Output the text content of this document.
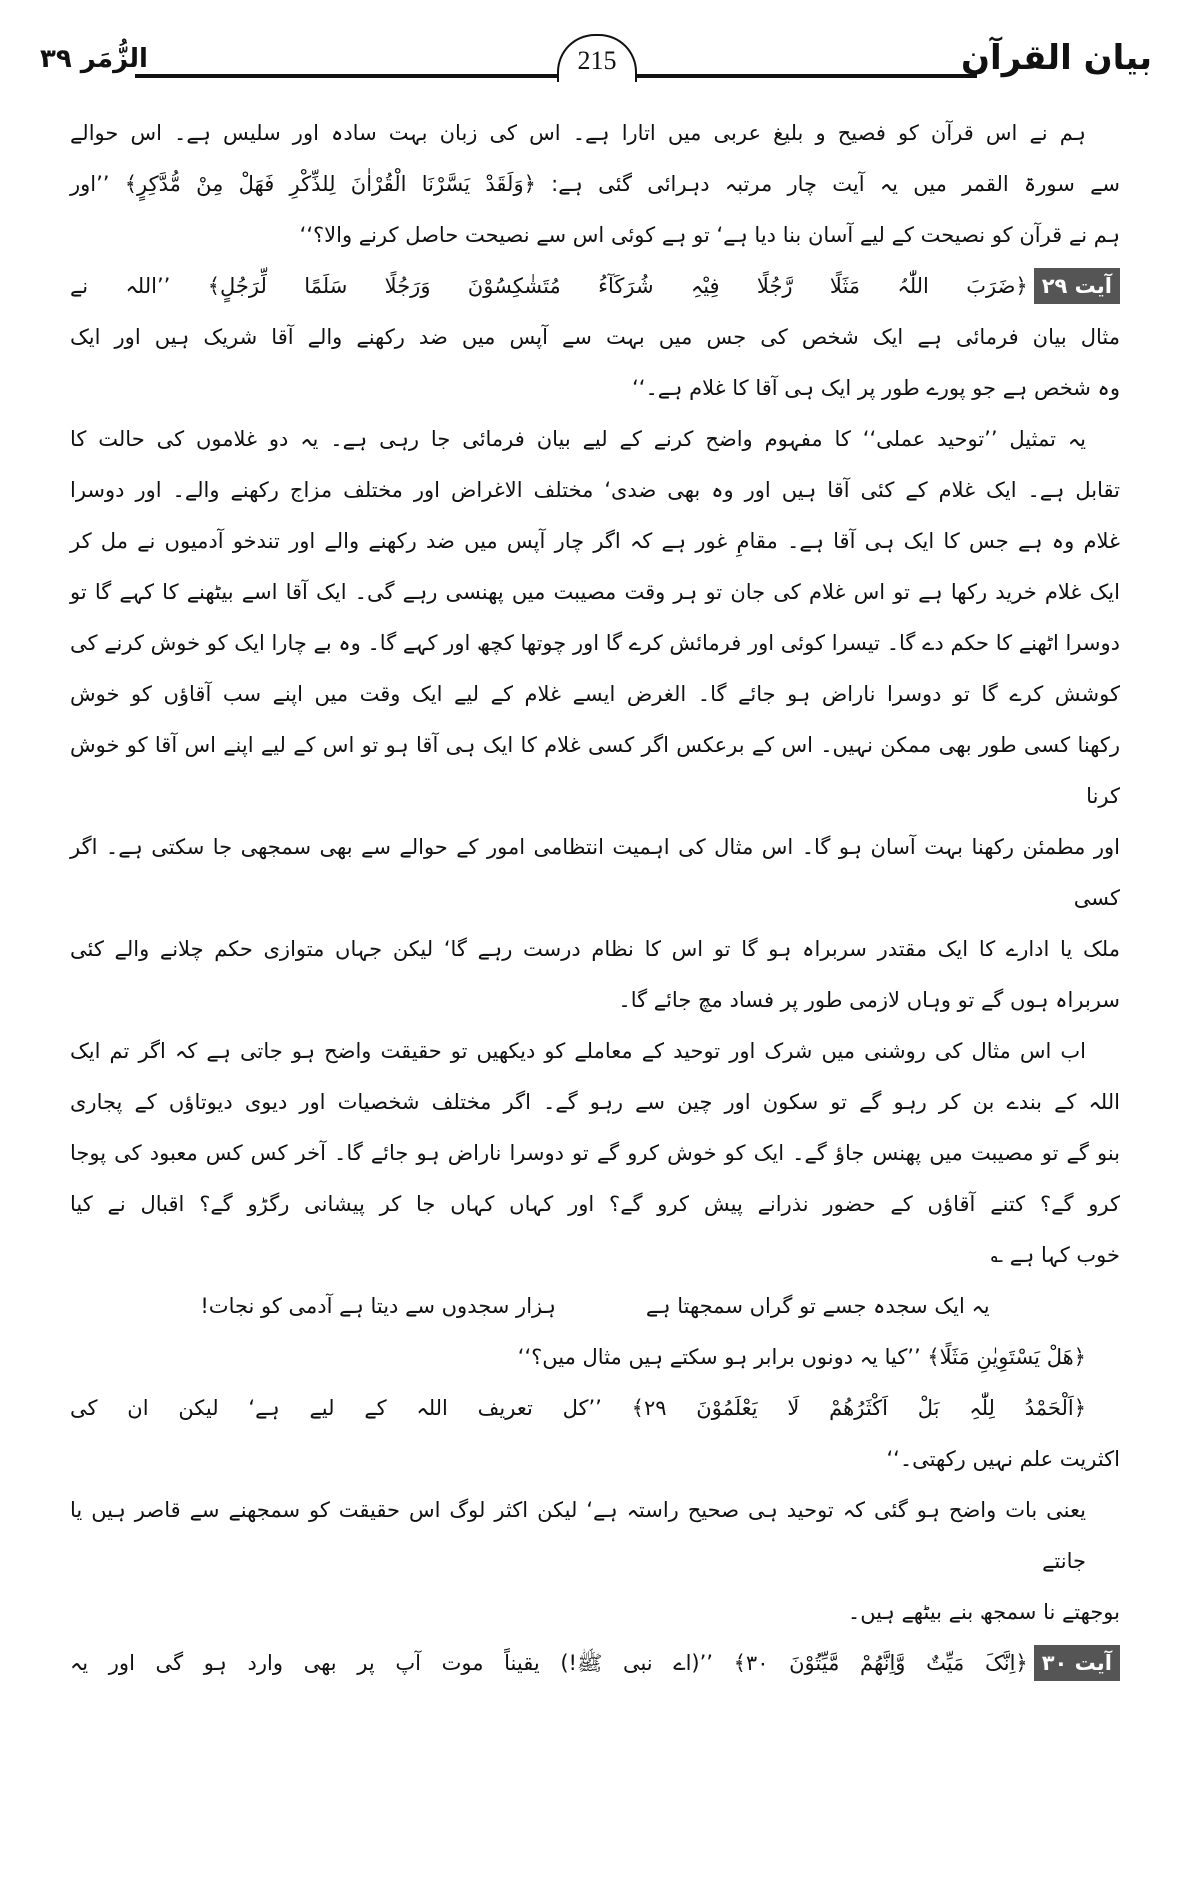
بیان القرآن
215
الزُّمَر ۳۹
ہم نے اس قرآن کو فصیح و بلیغ عربی میں اتارا ہے۔ اس کی زبان بہت سادہ اور سلیس ہے۔ اس حوالے
سے سورۃ القمر میں یہ آیت چار مرتبہ دہرائی گئی ہے: ﴿وَلَقَدْ یَسَّرْنَا الْقُرْاٰنَ لِلذِّکْرِ فَھَلْ مِنْ مُّدَّکِرٍ﴾ ’’اور
ہم نے قرآن کو نصیحت کے لیے آسان بنا دیا ہے‘ تو ہے کوئی اس سے نصیحت حاصل کرنے والا؟‘‘
آیت ۲۹﴿ضَرَبَ اللّٰہُ مَثَلًا رَّجُلًا فِیْہِ شُرَکَآءُ مُتَشٰکِسُوْنَ وَرَجُلًا سَلَمًا لِّرَجُلٍ﴾ ’’اللہ نے
مثال بیان فرمائی ہے ایک شخص کی جس میں بہت سے آپس میں ضد رکھنے والے آقا شریک ہیں اور ایک
وہ شخص ہے جو پورے طور پر ایک ہی آقا کا غلام ہے۔‘‘
یہ تمثیل ’’توحید عملی‘‘ کا مفہوم واضح کرنے کے لیے بیان فرمائی جا رہی ہے۔ یہ دو غلاموں کی حالت کا
تقابل ہے۔ ایک غلام کے کئی آقا ہیں اور وہ بھی ضدی‘ مختلف الاغراض اور مختلف مزاج رکھنے والے۔ اور دوسرا
غلام وہ ہے جس کا ایک ہی آقا ہے۔ مقامِ غور ہے کہ اگر چار آپس میں ضد رکھنے والے اور تندخو آدمیوں نے مل کر
ایک غلام خرید رکھا ہے تو اس غلام کی جان تو ہر وقت مصیبت میں پھنسی رہے گی۔ ایک آقا اسے بیٹھنے کا کہے گا تو
دوسرا اٹھنے کا حکم دے گا۔ تیسرا کوئی اور فرمائش کرے گا اور چوتھا کچھ اور کہے گا۔ وہ بے چارا ایک کو خوش کرنے کی
کوشش کرے گا تو دوسرا ناراض ہو جائے گا۔ الغرض ایسے غلام کے لیے ایک وقت میں اپنے سب آقاؤں کو خوش
رکھنا کسی طور بھی ممکن نہیں۔ اس کے برعکس اگر کسی غلام کا ایک ہی آقا ہو تو اس کے لیے اپنے اس آقا کو خوش کرنا
اور مطمئن رکھنا بہت آسان ہو گا۔ اس مثال کی اہمیت انتظامی امور کے حوالے سے بھی سمجھی جا سکتی ہے۔ اگر کسی
ملک یا ادارے کا ایک مقتدر سربراہ ہو گا تو اس کا نظام درست رہے گا‘ لیکن جہاں متوازی حکم چلانے والے کئی
سربراہ ہوں گے تو وہاں لازمی طور پر فساد مچ جائے گا۔
اب اس مثال کی روشنی میں شرک اور توحید کے معاملے کو دیکھیں تو حقیقت واضح ہو جاتی ہے کہ اگر تم ایک
اللہ کے بندے بن کر رہو گے تو سکون اور چین سے رہو گے۔ اگر مختلف شخصیات اور دیوی دیوتاؤں کے پجاری
بنو گے تو مصیبت میں پھنس جاؤ گے۔ ایک کو خوش کرو گے تو دوسرا ناراض ہو جائے گا۔ آخر کس کس معبود کی پوجا
کرو گے؟ کتنے آقاؤں کے حضور نذرانے پیش کرو گے؟ اور کہاں کہاں جا کر پیشانی رگڑو گے؟ اقبال نے کیا
خوب کہا ہے ؎
یہ ایک سجدہ جسے تو گراں سمجھتا ہے
ہزار سجدوں سے دیتا ہے آدمی کو نجات!
﴿ھَلْ یَسْتَوِیٰنِ مَثَلًا﴾ ’’کیا یہ دونوں برابر ہو سکتے ہیں مثال میں؟‘‘
﴿اَلْحَمْدُ لِلّٰہِ بَلْ اَکْثَرُھُمْ لَا یَعْلَمُوْنَ ۲۹﴾ ’’کل تعریف اللہ کے لیے ہے‘ لیکن ان کی
اکثریت علم نہیں رکھتی۔‘‘
یعنی بات واضح ہو گئی کہ توحید ہی صحیح راستہ ہے‘ لیکن اکثر لوگ اس حقیقت کو سمجھنے سے قاصر ہیں یا جانتے
بوجھتے نا سمجھ بنے بیٹھے ہیں۔
آیت ۳۰﴿اِنَّکَ مَیِّتٌ وَّاِنَّھُمْ مَّیِّتُوْنَ ۳۰﴾ ’’(اے نبی ﷺ!) یقیناً موت آپ پر بھی وارد ہو گی اور یہ
